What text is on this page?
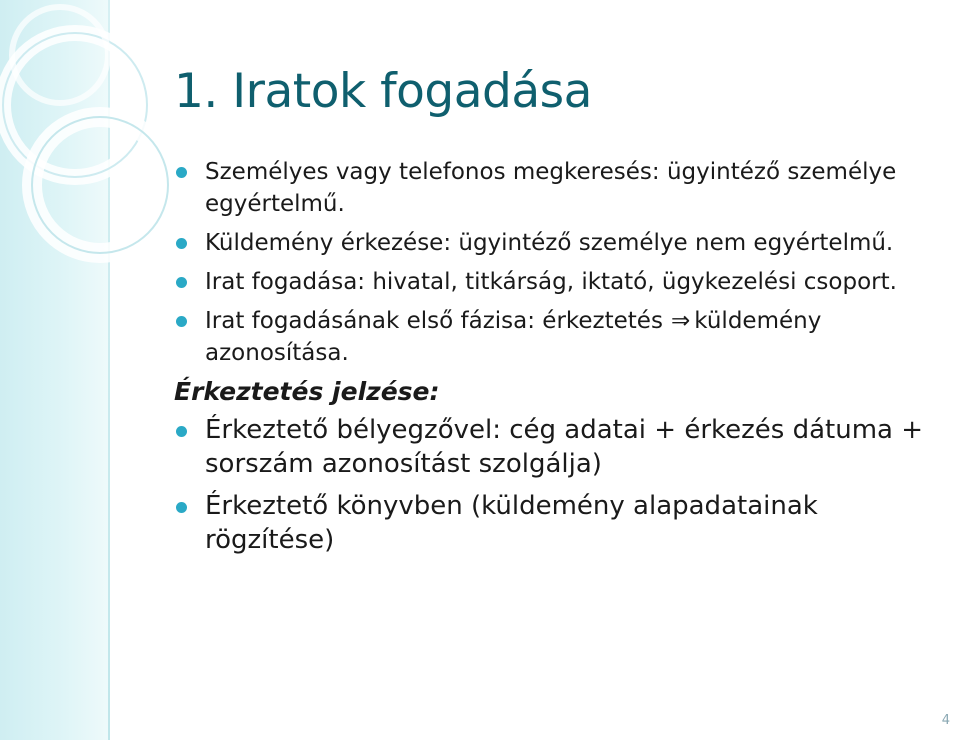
1. Iratok fogadása
Személyes vagy telefonos megkeresés: ügyintéző személye egyértelmű.
Küldemény érkezése: ügyintéző személye nem egyértelmű.
Irat fogadása: hivatal, titkárság, iktató, ügykezelési csoport.
Irat fogadásának első fázisa: érkeztetés ⇒ küldemény azonosítása.
Érkeztetés jelzése:
Érkeztető bélyegzővel: cég adatai + érkezés dátuma + sorszám azonosítást szolgálja)
Érkeztető könyvben (küldemény alapadatainak rögzítése)
4
